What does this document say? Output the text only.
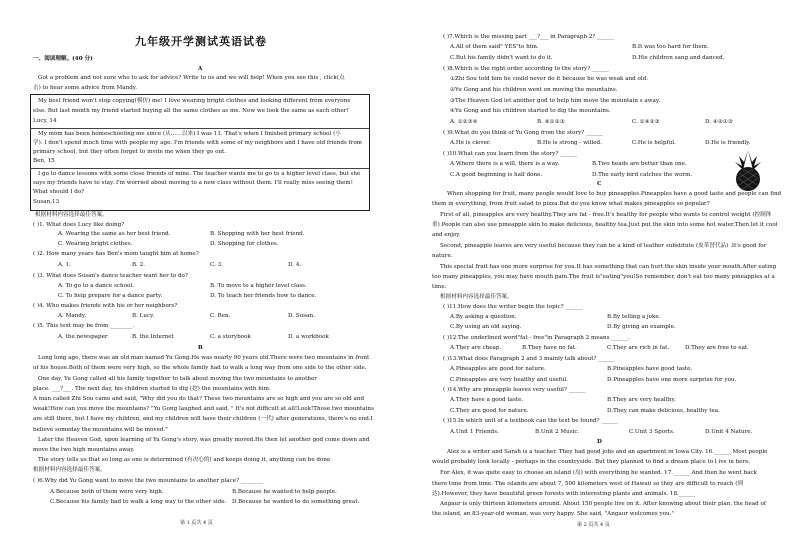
九年级开学测试英语试卷
一、阅读理解。(40 分)
A
Got a problem and not sure who to ask for advice? Write to us and we will help! When you see this , click(点
击) to hear some advice from Mandy.
My best friend won't stop copying(模仿) me! I love wearing bright clothes and looking different from everyone
else. But last month my friend started buying all the same clothes as me. Now we look the same as each other!
Lucy, 14
My mom has been homeschooling me since (从……以来) I was 11. That's when I finished primary school (小
学). I don't spend much time with people my age. I'm friends with some of my neighbors and I have old friends from
primary school, but they often forget to invite me when they go out.
Ben, 15
I go to dance lessons with some close friends of mine. The teacher wants me to go to a higher level class, but she
says my friends have to stay. I'm worried about moving to a new class without them. I'll really miss seeing them!
What should I do?
Susan,13
根据材料内容选择最佳答案。
( )1. What does Lucy like doing?
A. Wearing the same as her best friend.	B. Shopping with her best friend.
C. Wearing bright clothes.	D. Shopping for clothes.
( )2. How many years has Ben's mom taught him at home?
A. 1.	B. 2.	C. 3.	D. 4.
( )3. What does Susan's dance teacher want her to do?
A. To go to a dance school.	B. To move to a higher level class.
C. To help prepare for a dance party.	D. To teach her friends how to dance.
( )4. Who makes friends with his or her neighbors?
A. Mandy.	B. Lucy.	C. Ben.	D. Susan.
( )5. This text may be from ________.
A. the newspaper	B. the Internet	C. a storybook	D. a workbook
B
Long long ago, there was an old man named Yu Gong.He was nearly 90 years old.There were two mountains in front
of his house.Both of them were very high, so the whole family had to walk a long way from one side to the other side.
One day, Yu Gong called all his family together to talk about moving the two mountains to another
place. ___?___. The next day, his children started to dig (挖) the mountains with him.
A man called Zhi Sou came and said, "Why did you do that? These two mountains are so high and you are so old and
weak!How can you move the mountains? "Yu Gong laughed and said, " It's not difficult at all!Look!Those two mountains
are still there, but I have my children, and my children will have their children (一代) after generations, there's no end.I
believe someday the mountains will be moved."
Later the Heaven God, upon learning of Yu Gong's story, was greatly moved.He then let another god come down and
move the two high mountains away.
The story tells us that so long as one is determined (有决心的) and keeps doing it, anything can be done
根据材料内容选择最佳答案。
( )6.Why did Yu Gong want to move the two mountains to another place? ________
A.Because both of them were very high.	B.Because he wanted to help people.
C.Because his family had to walk a long way to the other side. D.Because he wanted to do something great.
第 1 页共 4 页
( )7.Which is the missing part ___?___ in Paragraph 2? ______
A.All of them said" YES"to him.	B.It was too hard for them.
C.But his family didn't want to do it.	D.His children sang and danced.
( )8.Which is the right order according to the story? ______
①Zhi Sou told him he could never do it because he was weak and old.
②Yu Gong and his children went on moving the mountains.
③The Heaven God let another god to help him move the mountain s away.
④Yu Gong and his children started to dig the mountains.
A. ①②③④	B. ④①②③	C. ①④②③	D. ④②①③
( )9.What do you think of Yu Gong from the story? ______
A.He is clever.	B.He is strong - willed.	C.He is helpful.	D.He is friendly.
( )10.What can you learn from the story? ______
A.Where there is a will, there is a way.	B.Two heads are better than one.
C.A good beginning is half done.	D.The early bird catches the worm.
C
When shopping for fruit, many people would love to buy pineapples.Pineapples have a good taste and people can find
them in everything, from fruit salad to pizza.But do you know what makes pineapples so popular?
First of all, pineapples are very healthy.They are fat - free.It's healthy for people who wants to control weight (控制体
重) People can also use pineapple skin to make delicious, healthy tea.Just put the skin into some hot water.Then let it cool
and enjoy.
Second, pineapple leaves are very useful because they can be a kind of leather substitute (皮革替代品) .It's good for
nature.
This special fruit has one more surprise for you.It has something that can hurt the skin inside your mouth.After eating
too many pineapples, you may have mouth pain.The fruit is"eating"you!So remember, don't eat too many pineapples at a
time.
根据材料内容选择最佳答案。
( )11.How does the writer begin the topic? ______
A.By asking a question.	B.By telling a joke.
C.By using an old saying.	D.By giving an example.
( )12.The underlined word"fat - free"in Paragraph 2 means ______.
A.They are cheap.	B.They have no fat.	C.They are rich in fat.	D.They are free to eat.
( )13.What does Paragraph 2 and 3 mainly talk about? ______
A.Pineapples are good for nature.	B.Pineapples have good taste.
C.Pineapples are very healthy and useful.	D.Pineapples have one more surprise for you.
( )14.Why are pineapple leaves very useful? ______
A.They have a good taste.	B.They are very healthy.
C.They are good for nature.	D.They can make delicious, healthy tea.
( )15.In which unit of a textbook can the text be found? ______
A.Unit 1 Friends.	B.Unit 2 Music.	C.Unit 3 Sports.	D.Unit 4 Nature.
D
Alex is a writer and Sarah is a teacher. They had good jobs and an apartment in Iowa City. 16.______ Most people
would probably look locally - perhaps in the countryside. But they planned to find a dream place to l ive in here.
For Alex, it was quite easy to choose an island (岛) with everything he wanted. 17.______ And then he went back
there time from time. The islands are about 7, 500 kilometers west of Hawaii so they are difficult to reach (到
达).However, they have beautiful green forests with interesting plants and animals. 18.______
Angaur is only thirteen kilometers around. About 150 people live on it. After knowing about their plan, the head of
the island, an 83-year-old woman, was very happy. She said, "Angaur welcomes you."
第 2 页共 4 页
